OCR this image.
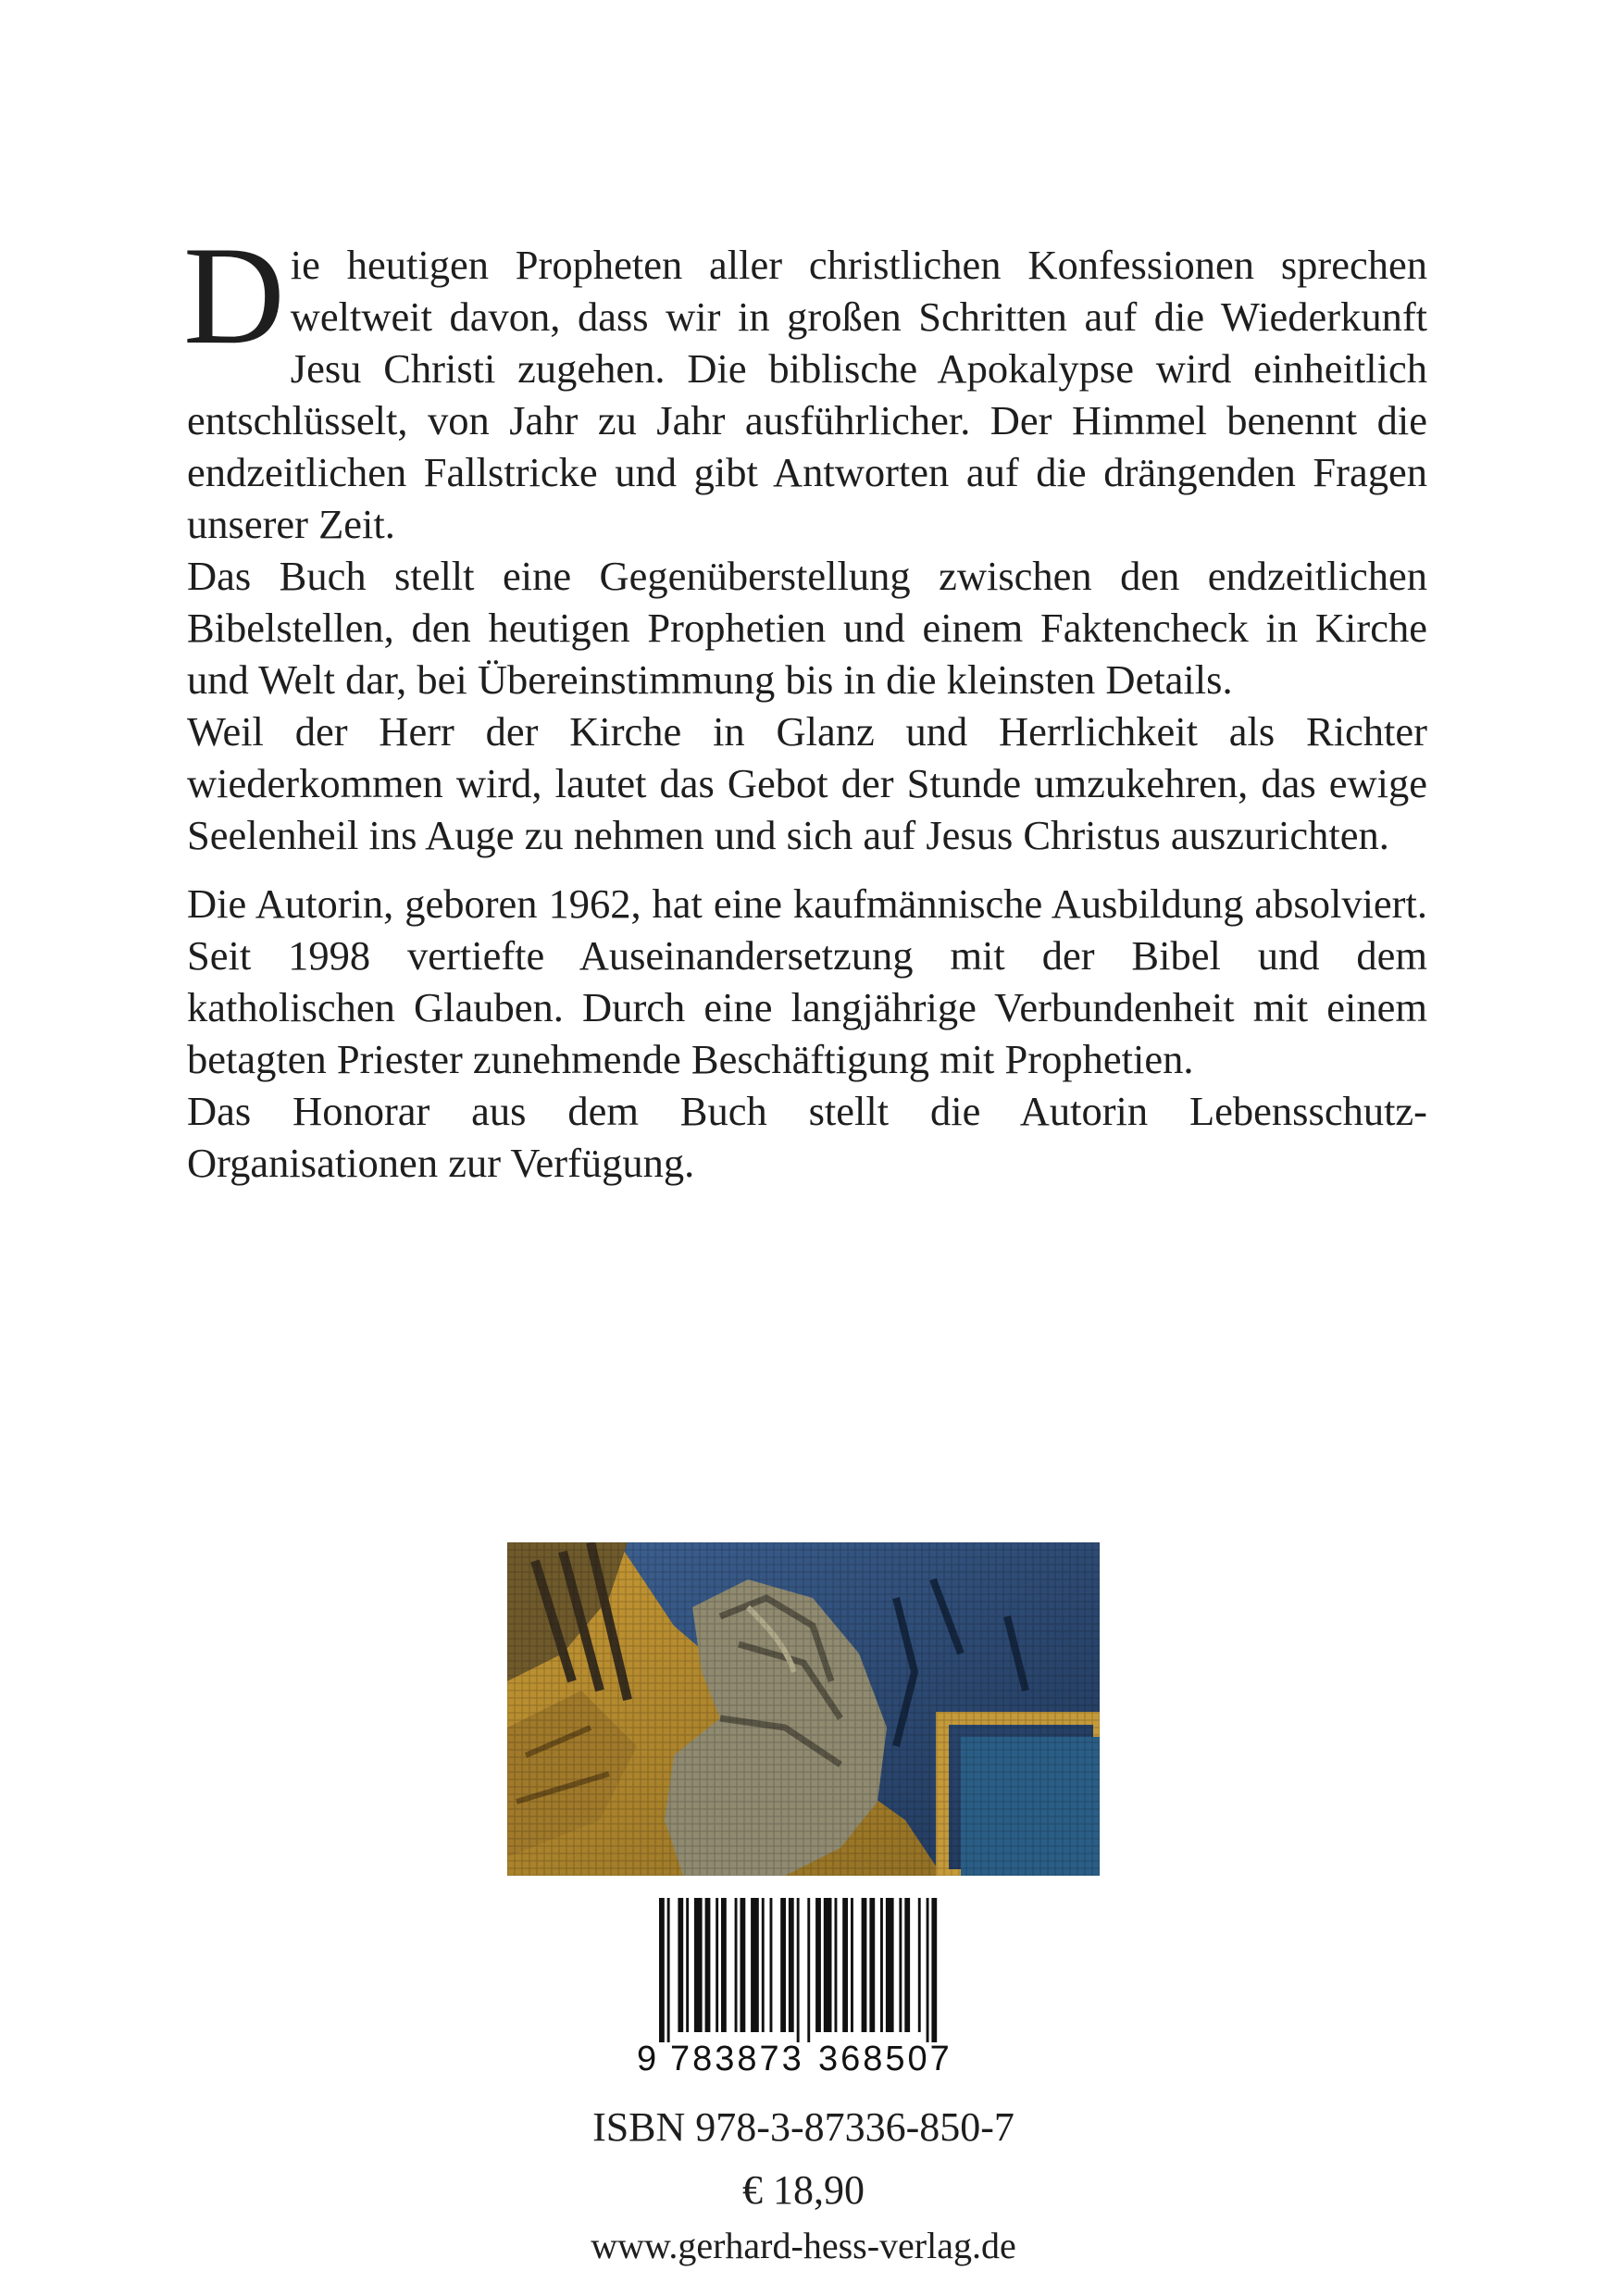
Die heutigen Propheten aller christlichen Konfessionen sprechen weltweit davon, dass wir in großen Schritten auf die Wiederkunft Jesu Christi zugehen. Die biblische Apokalypse wird einheitlich entschlüsselt, von Jahr zu Jahr ausführlicher. Der Himmel benennt die endzeitlichen Fallstricke und gibt Antworten auf die drängenden Fragen unserer Zeit.

Das Buch stellt eine Gegenüberstellung zwischen den endzeitlichen Bibelstellen, den heutigen Prophetien und einem Faktencheck in Kirche und Welt dar, bei Übereinstimmung bis in die kleinsten Details.

Weil der Herr der Kirche in Glanz und Herrlichkeit als Richter wiederkommen wird, lautet das Gebot der Stunde umzukehren, das ewige Seelenheil ins Auge zu nehmen und sich auf Jesus Christus auszurichten.

Die Autorin, geboren 1962, hat eine kaufmännische Ausbildung absolviert. Seit 1998 vertiefte Auseinandersetzung mit der Bibel und dem katholischen Glauben. Durch eine langjährige Verbundenheit mit einem betagten Priester zunehmende Beschäftigung mit Prophetien.

Das Honorar aus dem Buch stellt die Autorin Lebensschutz-Organisationen zur Verfügung.

9 783873 368507
ISBN 978-3-87336-850-7
€ 18,90
www.gerhard-hess-verlag.de
